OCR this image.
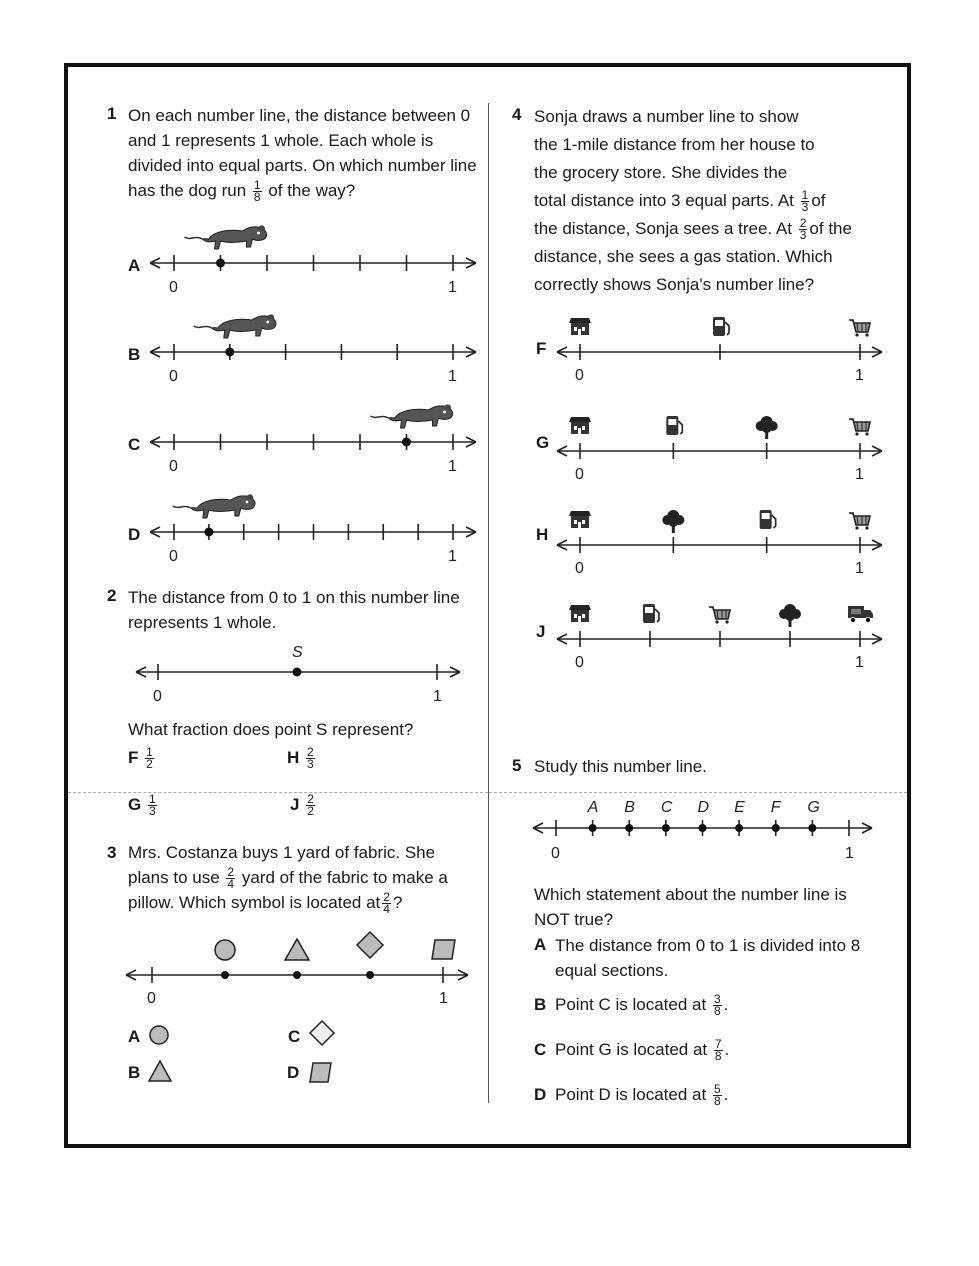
1 On each number line, the distance between 0 and 1 represents 1 whole. Each whole is divided into equal parts. On which number line has the dog run $\frac{1}{8}$ of the way?
0	1
0	1
0	1
0	1
A
B
C
D
2 The distance from 0 to 1 on this number line represents 1 whole.
S
0	1
What fraction does point S represent?
F $\frac{1}{2}$	H $\frac{2}{3}$
G $\frac{1}{3}$	J $\frac{2}{2}$
3 Mrs. Costanza buys 1 yard of fabric. She plans to use $\frac{2}{4}$ yard of the fabric to make a pillow. Which symbol is located at $\frac{2}{4}$ ?
0	1
A	C
B	D
4 Sonja draws a number line to show
the 1-mile distance from her house to
the grocery store. She divides the
total distance into 3 equal parts. At $\frac{1}{3}$ of
the distance, Sonja sees a tree. At $\frac{2}{3}$ of the
distance, she sees a gas station. Which
correctly shows Sonja's number line?
0	1
0	1
0	1
0	1
F
G
H
J
5 Study this number line.
A B C D E F G
0	1
Which statement about the number line is NOT true?
A The distance from 0 to 1 is divided into 8 equal sections.
B Point C is located at $\frac{3}{8}$ .
C Point G is located at $\frac{7}{8}$ .
D Point D is located at $\frac{5}{8}$ .
